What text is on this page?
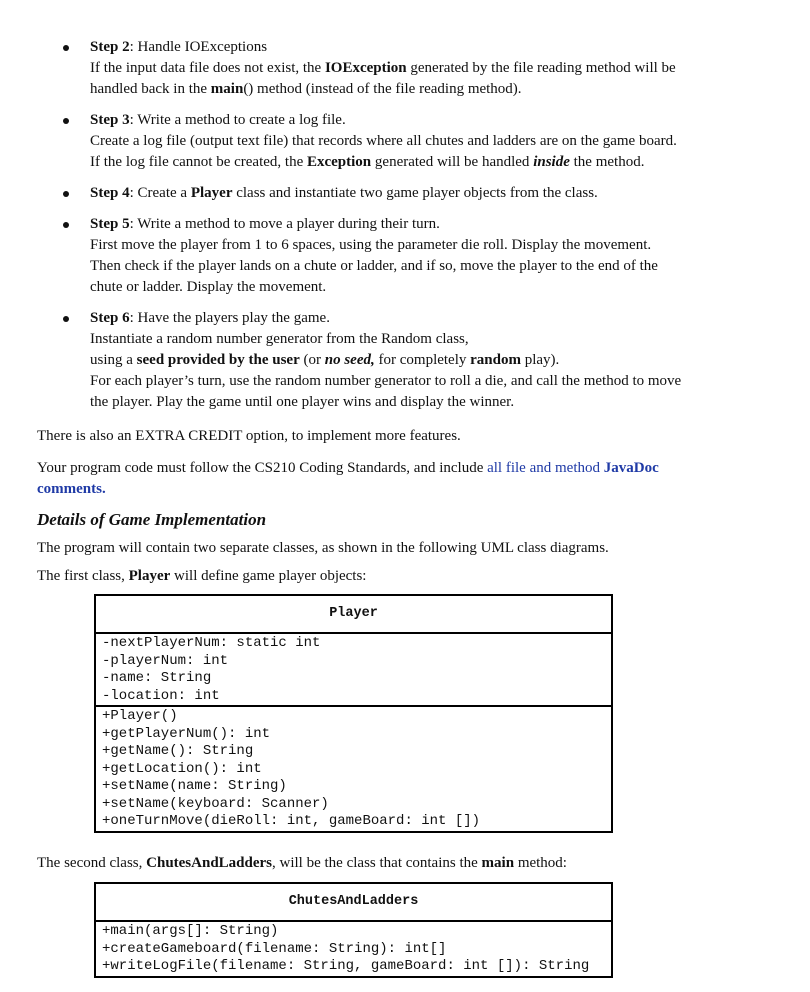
Step 2: Handle IOExceptions
If the input data file does not exist, the IOException generated by the file reading method will be
handled back in the main() method (instead of the file reading method).
Step 3: Write a method to create a log file.
Create a log file (output text file) that records where all chutes and ladders are on the game board.
If the log file cannot be created, the Exception generated will be handled inside the method.
Step 4: Create a Player class and instantiate two game player objects from the class.
Step 5: Write a method to move a player during their turn.
First move the player from 1 to 6 spaces, using the parameter die roll. Display the movement.
Then check if the player lands on a chute or ladder, and if so, move the player to the end of the
chute or ladder. Display the movement.
Step 6: Have the players play the game.
Instantiate a random number generator from the Random class,
using a seed provided by the user (or no seed, for completely random play).
For each player’s turn, use the random number generator to roll a die, and call the method to move
the player. Play the game until one player wins and display the winner.
There is also an EXTRA CREDIT option, to implement more features.
Your program code must follow the CS210 Coding Standards, and include all file and method JavaDoc
comments.
Details of Game Implementation
The program will contain two separate classes, as shown in the following UML class diagrams.
The first class, Player will define game player objects:
Player

-nextPlayerNum: static int
-playerNum: int
-name: String
-location: int

+Player()
+getPlayerNum(): int
+getName(): String
+getLocation(): int
+setName(name: String)
+setName(keyboard: Scanner)
+oneTurnMove(dieRoll: int, gameBoard: int [])
The second class, ChutesAndLadders, will be the class that contains the main method:
ChutesAndLadders

+main(args[]: String)
+createGameboard(filename: String): int[]
+writeLogFile(filename: String, gameBoard: int []): String
